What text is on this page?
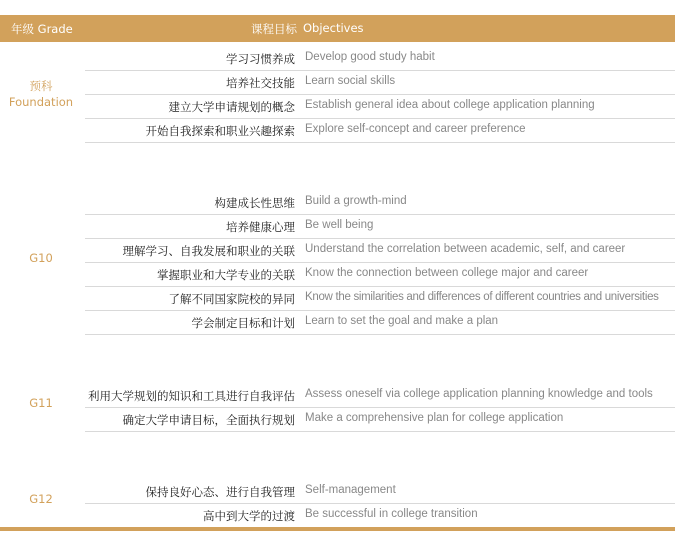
年级 Grade	课程目标 Objectives
预科
Foundation
学习习惯养成 Develop good study habit
培养社交技能 Learn social skills
建立大学申请规划的概念 Establish general idea about college application planning
开始自我探索和职业兴趣探索 Explore self-concept and career preference
G10
构建成长性思维 Build a growth-mind
培养健康心理 Be well being
理解学习、自我发展和职业的关联 Understand the correlation between academic, self, and career
掌握职业和大学专业的关联 Know the connection between college major and career
了解不同国家院校的异同 Know the similarities and differences of different countries and universities
学会制定目标和计划 Learn to set the goal and make a plan
G11	利用大学规划的知识和工具进行自我评估 Assess oneself via college application planning knowledge and tools
确定大学申请目标，全面执行规划 Make a comprehensive plan for college application
G12	保持良好心态、进行自我管理 Self-management
高中到大学的过渡 Be successful in college transition
